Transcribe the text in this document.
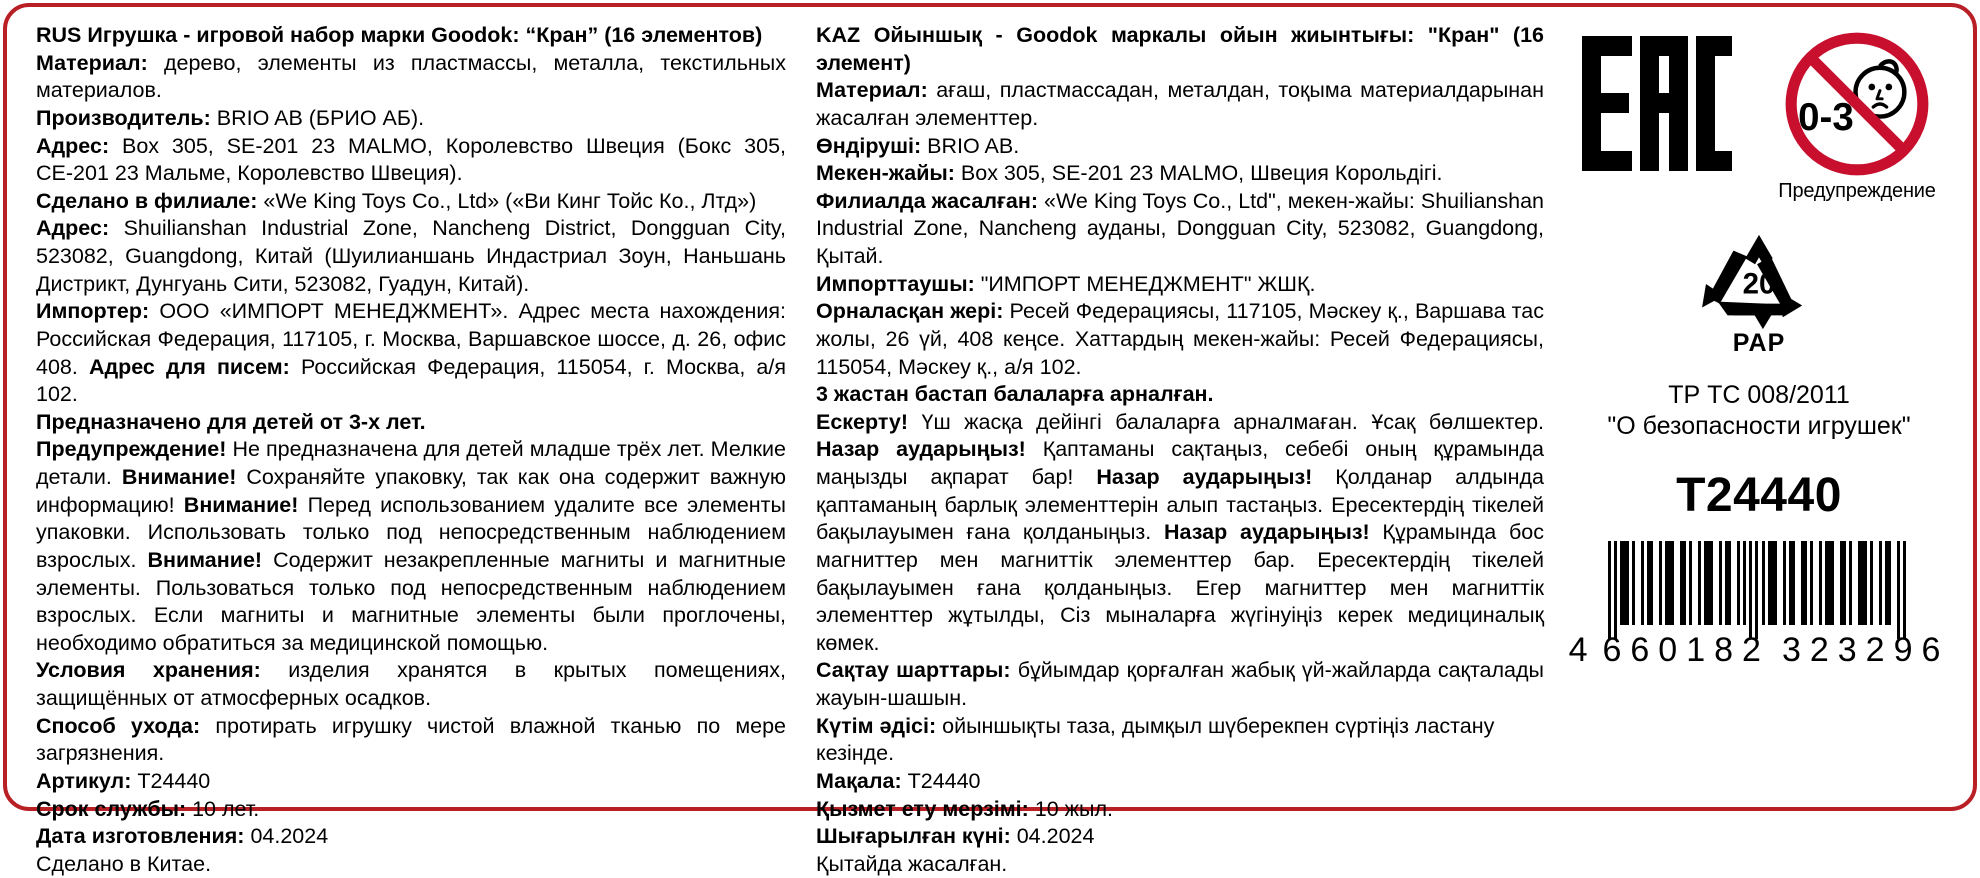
RUS Игрушка - игровой набор марки Goodok: “Кран” (16 элементов)

Материал: дерево, элементы из пластмассы, металла, текстильных материалов.

Производитель: BRIO AB (БРИО АБ).

Адрес: Box 305, SE-201 23 MALMO, Королевство Швеция (Бокс 305, СЕ-201 23 Мальме, Королевство Швеция).

Сделано в филиале: «We King Toys Co., Ltd» («Ви Кинг Тойс Ко., Лтд»)

Адрес: Shuilianshan Industrial Zone, Nancheng District, Dongguan City, 523082, Guangdong, Китай (Шуилианшань Индастриал Зоун, Наньшань Дистрикт, Дунгуань Сити, 523082, Гуадун, Китай).

Импортер: ООО «ИМПОРТ МЕНЕДЖМЕНТ». Адрес места нахождения: Российская Федерация, 117105, г. Москва, Варшавское шоссе, д. 26, офис 408. Адрес для писем: Российская Федерация, 115054, г. Москва, а/я 102.

Предназначено для детей от 3-х лет.

Предупреждение! Не предназначена для детей младше трёх лет. Мелкие детали. Внимание! Сохраняйте упаковку, так как она содержит важную информацию! Внимание! Перед использованием удалите все элементы упаковки. Использовать только под непосредственным наблюдением взрослых. Внимание! Содержит незакрепленные магниты и магнитные элементы. Пользоваться только под непосредственным наблюдением взрослых. Если магниты и магнитные элементы были проглочены, необходимо обратиться за медицинской помощью.

Условия хранения: изделия хранятся в крытых помещениях, защищённых от атмосферных осадков.

Способ ухода: протирать игрушку чистой влажной тканью по мере загрязнения.

Артикул: T24440

Срок службы: 10 лет.

Дата изготовления: 04.2024

Сделано в Китае.

KAZ Ойыншық - Goodok маркалы ойын жиынтығы: "Кран" (16 элемент)

Материал: ағаш, пластмассадан, металдан, тоқыма материалдарынан жасалған элементтер.

Өндіруші: BRIO AB.

Мекен-жайы: Box 305, SE-201 23 MALMO, Швеция Корольдігі.

Филиалда жасалған: «We King Toys Co., Ltd", мекен-жайы: Shuilianshan Industrial Zone, Nancheng ауданы, Dongguan City, 523082, Guangdong, Қытай.

Импорттаушы: "ИМПОРТ МЕНЕДЖМЕНТ" ЖШҚ.

Орналасқан жері: Ресей Федерациясы, 117105, Мәскеу қ., Варшава тас жолы, 26 үй, 408 кеңсе. Хаттардың мекен-жайы: Ресей Федерациясы, 115054, Мәскеу қ., а/я 102.

3 жастан бастап балаларға арналған.

Ескерту! Үш жасқа дейінгі балаларға арналмаған. Ұсақ бөлшектер. Назар аударыңыз! Қаптаманы сақтаңыз, себебі оның құрамында маңызды ақпарат бар! Назар аударыңыз! Қолданар алдында қаптаманың барлық элементтерін алып тастаңыз. Ересектердің тікелей бақылауымен ғана қолданыңыз. Назар аударыңыз! Құрамында бос магниттер мен магниттік элементтер бар. Ересектердің тікелей бақылауымен ғана қолданыңыз. Егер магниттер мен магниттік элементтер жұтылды, Сіз мыналарға жүгінуіңіз керек медициналық көмек.

Сақтау шарттары: бұйымдар қорғалған жабық үй-жайларда сақталады жауын-шашын.

Күтім әдісі: ойыншықты таза, дымқыл шүберекпен сүртіңіз ластану кезінде.

Мақала: T24440

Қызмет ету мерзімі: 10 жыл.

Шығарылған күні: 04.2024

Қытайда жасалған.

0-3
Предупреждение
20
PAP
ТР ТС 008/2011
"О безопасности игрушек"
T24440
4 660182 323296
